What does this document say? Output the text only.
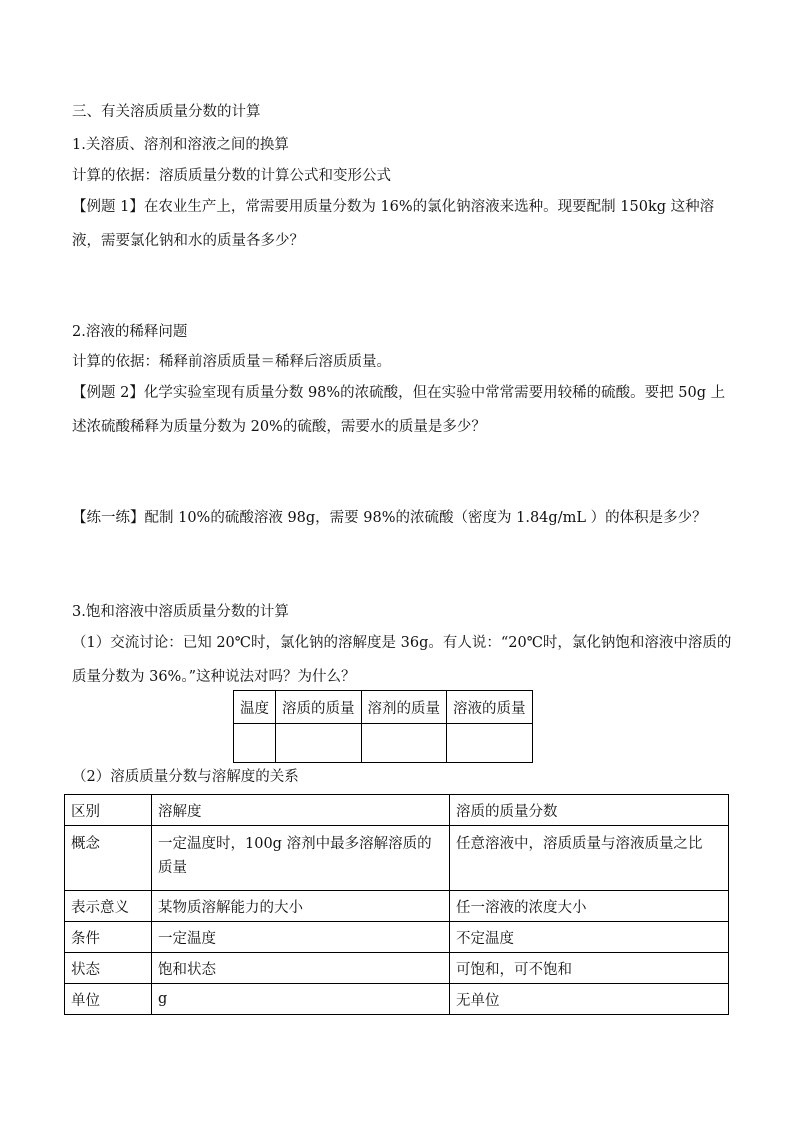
三、有关溶质质量分数的计算
1.关溶质、溶剂和溶液之间的换算
计算的依据：溶质质量分数的计算公式和变形公式
【例题 1】在农业生产上，常需要用质量分数为 16%的氯化钠溶液来选种。现要配制 150kg 这种溶液，需要氯化钠和水的质量各多少？
2.溶液的稀释问题
计算的依据：稀释前溶质质量＝稀释后溶质质量。
【例题 2】化学实验室现有质量分数 98%的浓硫酸，但在实验中常常需要用较稀的硫酸。要把 50g 上述浓硫酸稀释为质量分数为 20%的硫酸，需要水的质量是多少？
【练一练】配制 10%的硫酸溶液 98g，需要 98%的浓硫酸（密度为 1.84g/mL ）的体积是多少？
3.饱和溶液中溶质质量分数的计算
（1）交流讨论：已知 20℃时，氯化钠的溶解度是 36g。有人说：“20℃时，氯化钠饱和溶液中溶质的质量分数为 36%。”这种说法对吗？为什么？
温度	溶质的质量	溶剂的质量	溶液的质量

（2）溶质质量分数与溶解度的关系
区别	溶解度	溶质的质量分数
概念	一定温度时，100g 溶剂中最多溶解溶质的质量	任意溶液中，溶质质量与溶液质量之比
表示意义	某物质溶解能力的大小	任一溶液的浓度大小
条件	一定温度	不定温度
状态	饱和状态	可饱和，可不饱和
单位	g	无单位
